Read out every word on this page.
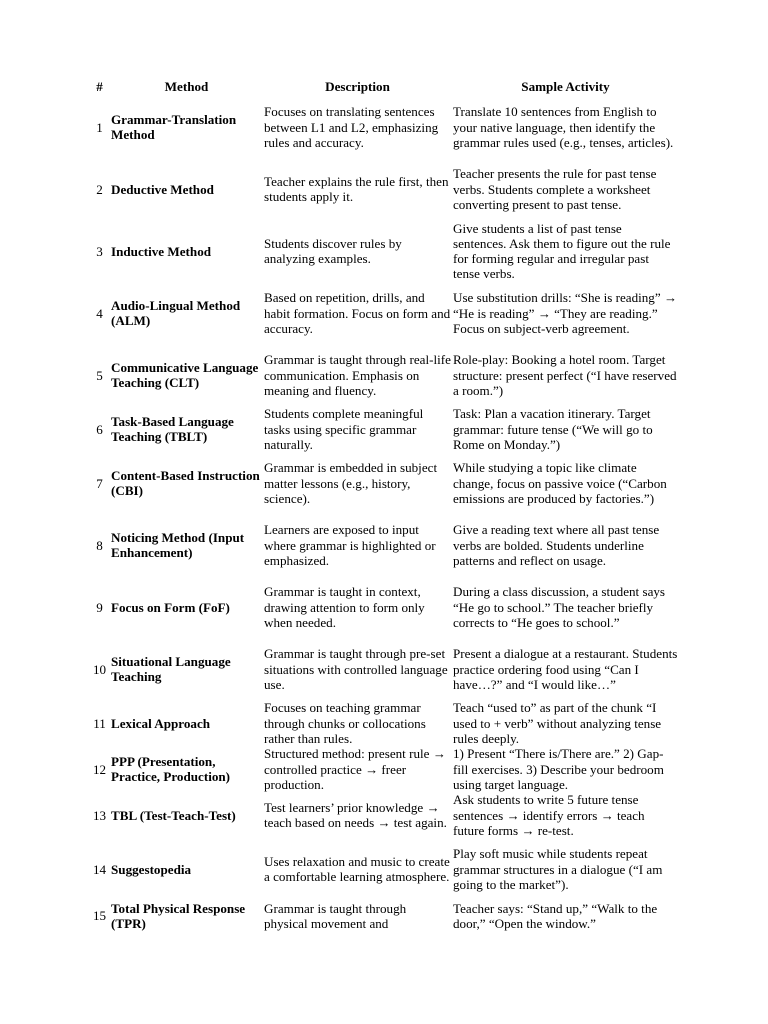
#	Method	Description	Sample Activity
1	Grammar-Translation Method	Focuses on translating sentences between L1 and L2, emphasizing rules and accuracy.	Translate 10 sentences from English to your native language, then identify the grammar rules used (e.g., tenses, articles).
2	Deductive Method	Teacher explains the rule first, then students apply it.	Teacher presents the rule for past tense verbs. Students complete a worksheet converting present to past tense.
3	Inductive Method	Students discover rules by analyzing examples.	Give students a list of past tense sentences. Ask them to figure out the rule for forming regular and irregular past tense verbs.
4	Audio-Lingual Method (ALM)	Based on repetition, drills, and habit formation. Focus on form and accuracy.	Use substitution drills: “She is reading” → “He is reading” → “They are reading.” Focus on subject-verb agreement.
5	Communicative Language Teaching (CLT)	Grammar is taught through real-life communication. Emphasis on meaning and fluency.	Role-play: Booking a hotel room. Target structure: present perfect (“I have reserved a room.”)
6	Task-Based Language Teaching (TBLT)	Students complete meaningful tasks using specific grammar naturally.	Task: Plan a vacation itinerary. Target grammar: future tense (“We will go to Rome on Monday.”)
7	Content-Based Instruction (CBI)	Grammar is embedded in subject matter lessons (e.g., history, science).	While studying a topic like climate change, focus on passive voice (“Carbon emissions are produced by factories.”)
8	Noticing Method (Input Enhancement)	Learners are exposed to input where grammar is highlighted or emphasized.	Give a reading text where all past tense verbs are bolded. Students underline patterns and reflect on usage.
9	Focus on Form (FoF)	Grammar is taught in context, drawing attention to form only when needed.	During a class discussion, a student says “He go to school.” The teacher briefly corrects to “He goes to school.”
10	Situational Language Teaching	Grammar is taught through pre-set situations with controlled language use.	Present a dialogue at a restaurant. Students practice ordering food using “Can I have…?” and “I would like…”
11	Lexical Approach	Focuses on teaching grammar through chunks or collocations rather than rules.	Teach “used to” as part of the chunk “I used to + verb” without analyzing tense rules deeply.
12	PPP (Presentation, Practice, Production)	Structured method: present rule → controlled practice → freer production.	1) Present “There is/There are.” 2) Gap-fill exercises. 3) Describe your bedroom using target language.
13	TBL (Test-Teach-Test)	Test learners’ prior knowledge → teach based on needs → test again.	Ask students to write 5 future tense sentences → identify errors → teach future forms → re-test.
14	Suggestopedia	Uses relaxation and music to create a comfortable learning atmosphere.	Play soft music while students repeat grammar structures in a dialogue (“I am going to the market”).
15	Total Physical Response (TPR)	Grammar is taught through physical movement and	Teacher says: “Stand up,” “Walk to the door,” “Open the window.”
